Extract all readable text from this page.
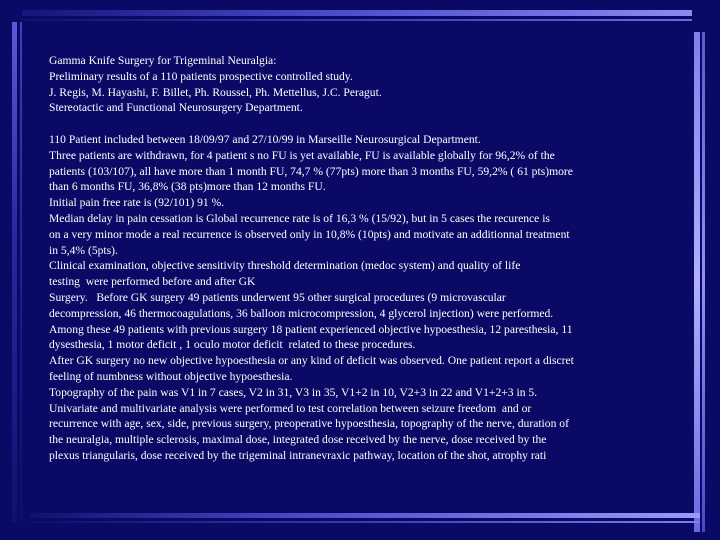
Gamma Knife Surgery for Trigeminal Neuralgia:
Preliminary results of a 110 patients prospective controlled study.
J. Regis, M. Hayashi, F. Billet, Ph. Roussel, Ph. Mettellus, J.C. Peragut.
Stereotactic and Functional Neurosurgery Department.
110 Patient included between 18/09/97 and 27/10/99 in Marseille Neurosurgical Department.
Three patients are withdrawn, for 4 patient s no FU is yet available, FU is available globally for 96,2% of the
patients (103/107), all have more than 1 month FU, 74,7 % (77pts) more than 3 months FU, 59,2% ( 61 pts)more
than 6 months FU, 36,8% (38 pts)more than 12 months FU.
Initial pain free rate is (92/101) 91 %.
Median delay in pain cessation is Global recurrence rate is of 16,3 % (15/92), but in 5 cases the recurence is
on a very minor mode a real recurrence is observed only in 10,8% (10pts) and motivate an additionnal treatment
in 5,4% (5pts).
Clinical examination, objective sensitivity threshold determination (medoc system) and quality of life
testing  were performed before and after GK
Surgery.   Before GK surgery 49 patients underwent 95 other surgical procedures (9 microvascular
decompression, 46 thermocoagulations, 36 balloon microcompression, 4 glycerol injection) were performed.
Among these 49 patients with previous surgery 18 patient experienced objective hypoesthesia, 12 paresthesia, 11
dysesthesia, 1 motor deficit , 1 oculo motor deficit  related to these procedures.
After GK surgery no new objective hypoesthesia or any kind of deficit was observed. One patient report a discret
feeling of numbness without objective hypoesthesia.
Topography of the pain was V1 in 7 cases, V2 in 31, V3 in 35, V1+2 in 10, V2+3 in 22 and V1+2+3 in 5.
Univariate and multivariate analysis were performed to test correlation between seizure freedom  and or
recurrence with age, sex, side, previous surgery, preoperative hypoesthesia, topography of the nerve, duration of
the neuralgia, multiple sclerosis, maximal dose, integrated dose received by the nerve, dose received by the
plexus triangularis, dose received by the trigeminal intranevraxic pathway, location of the shot, atrophy rati
